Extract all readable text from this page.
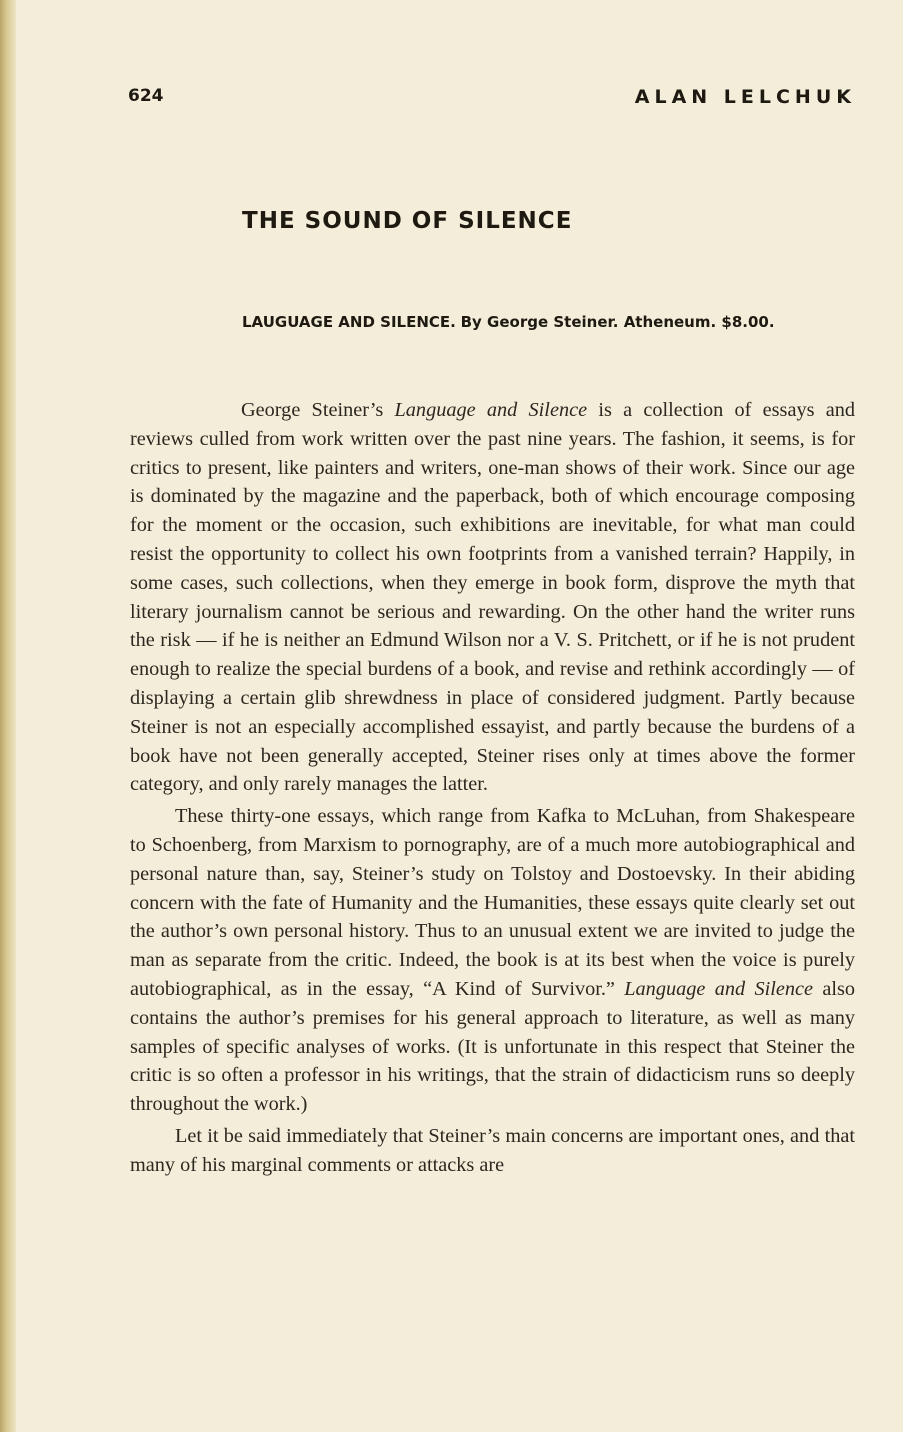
624	ALAN LELCHUK
THE SOUND OF SILENCE
LAUGUAGE AND SILENCE. By George Steiner. Atheneum. $8.00.

George Steiner’s Language and Silence is a collection of essays and reviews culled from work written over the past nine years. The fashion, it seems, is for critics to present, like painters and writers, one-man shows of their work. Since our age is dominated by the magazine and the paperback, both of which encourage composing for the moment or the occasion, such exhibitions are inevitable, for what man could resist the opportunity to collect his own footprints from a vanished terrain? Happily, in some cases, such collections, when they emerge in book form, disprove the myth that literary journalism cannot be serious and rewarding. On the other hand the writer runs the risk — if he is neither an Edmund Wilson nor a V. S. Pritchett, or if he is not prudent enough to realize the special burdens of a book, and revise and rethink accordingly — of displaying a certain glib shrewdness in place of considered judgment. Partly because Steiner is not an especially accomplished essayist, and partly because the burdens of a book have not been generally accepted, Steiner rises only at times above the former category, and only rarely manages the latter.

These thirty-one essays, which range from Kafka to McLuhan, from Shakespeare to Schoenberg, from Marxism to pornography, are of a much more autobiographical and personal nature than, say, Steiner’s study on Tolstoy and Dostoevsky. In their abiding concern with the fate of Humanity and the Humanities, these essays quite clearly set out the author’s own personal history. Thus to an unusual extent we are invited to judge the man as separate from the critic. Indeed, the book is at its best when the voice is purely autobiographical, as in the essay, “A Kind of Survivor.” Language and Silence also contains the author’s premises for his general approach to literature, as well as many samples of specific analyses of works. (It is unfortunate in this respect that Steiner the critic is so often a professor in his writings, that the strain of didacticism runs so deeply throughout the work.)

Let it be said immediately that Steiner’s main concerns are important ones, and that many of his marginal comments or attacks are
